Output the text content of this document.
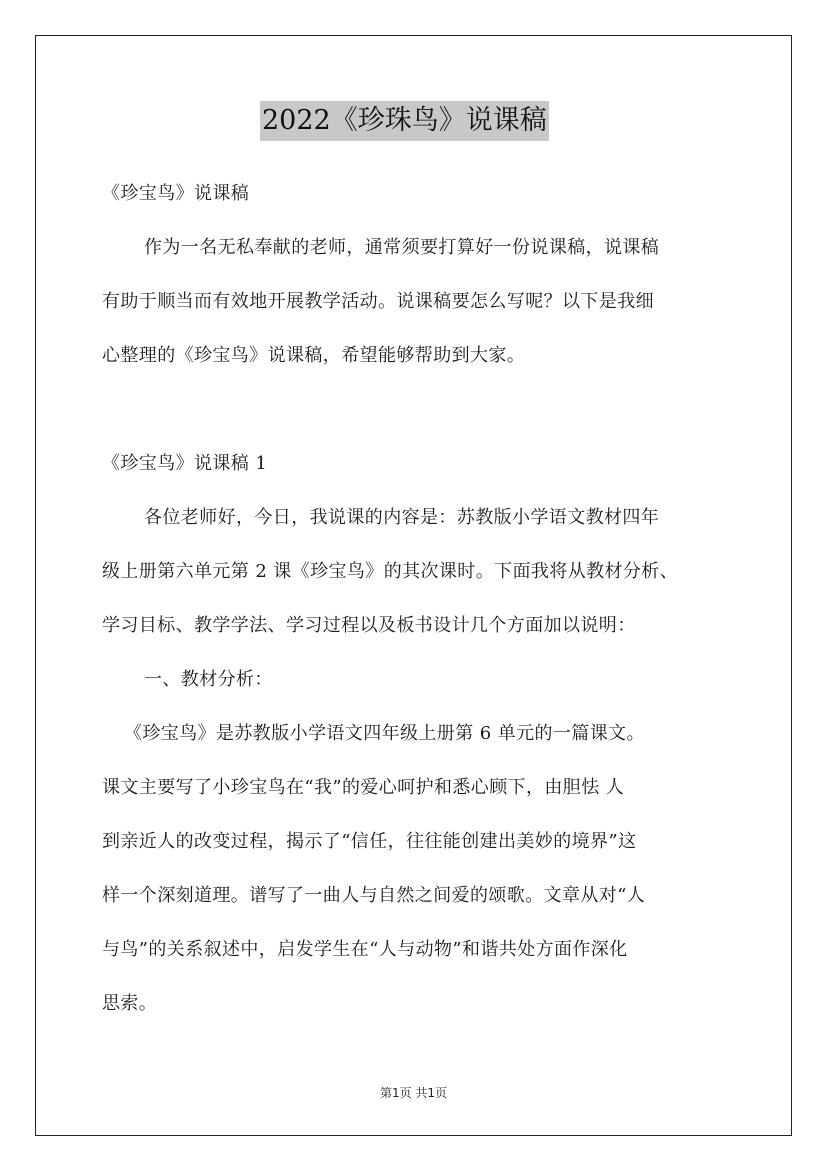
2022《珍珠鸟》说课稿
《珍宝鸟》说课稿
作为一名无私奉献的老师，通常须要打算好一份说课稿，说课稿
有助于顺当而有效地开展教学活动。说课稿要怎么写呢？以下是我细
心整理的《珍宝鸟》说课稿，希望能够帮助到大家。
《珍宝鸟》说课稿 1
各位老师好，今日，我说课的内容是：苏教版小学语文教材四年
级上册第六单元第 2 课《珍宝鸟》的其次课时。下面我将从教材分析、
学习目标、教学学法、学习过程以及板书设计几个方面加以说明：
一、教材分析：
《珍宝鸟》是苏教版小学语文四年级上册第 6 单元的一篇课文。
课文主要写了小珍宝鸟在“我”的爱心呵护和悉心顾下，由胆怯 人
到亲近人的改变过程，揭示了“信任，往往能创建出美妙的境界”这
样一个深刻道理。谱写了一曲人与自然之间爱的颂歌。文章从对“人
与鸟”的关系叙述中，启发学生在“人与动物”和谐共处方面作深化
思索。
第1页 共1页
